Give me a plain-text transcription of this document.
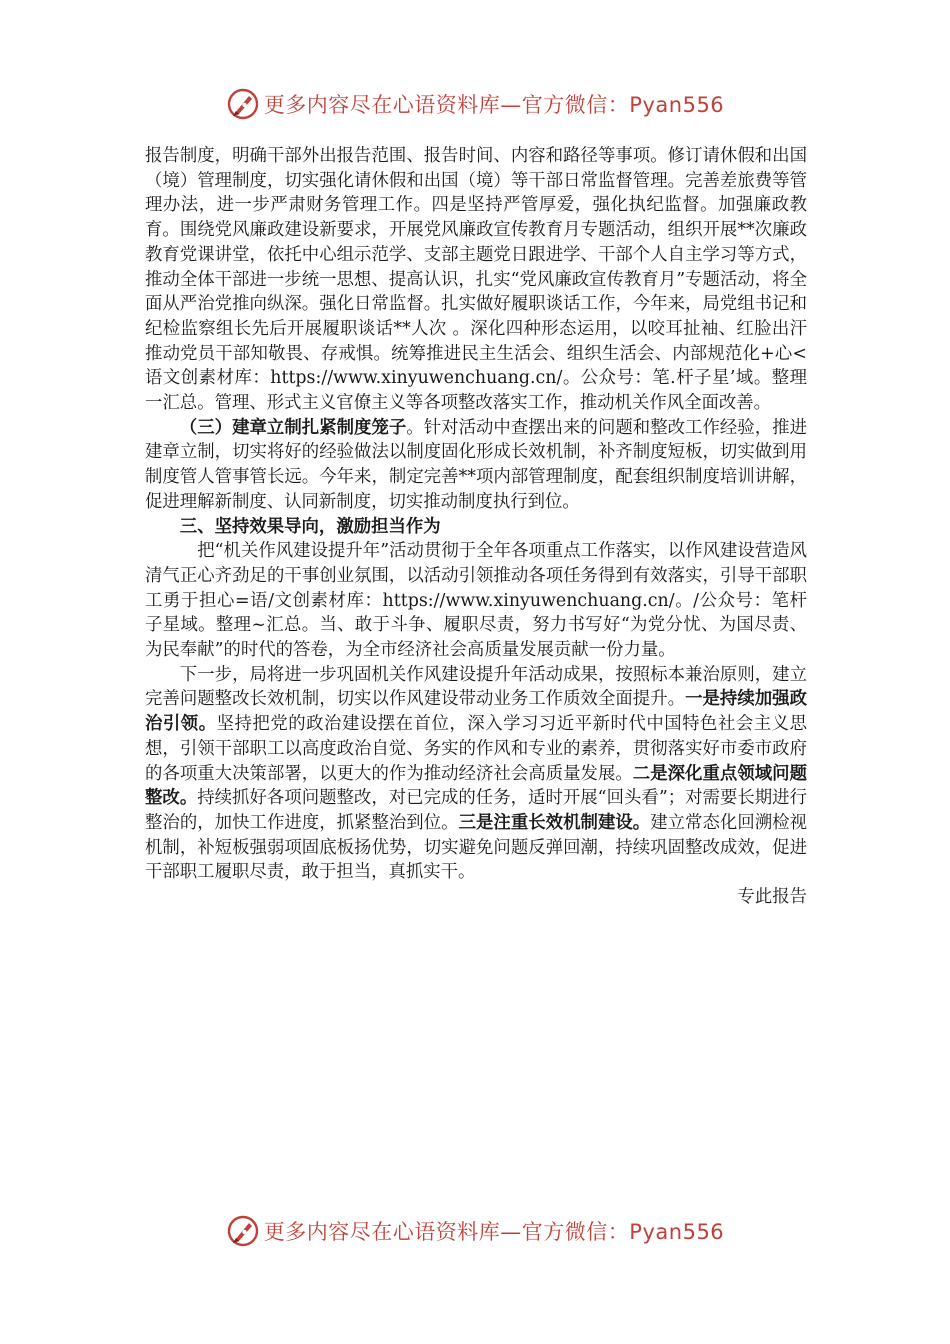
更多内容尽在心语资料库—官方微信：Pyan556

报告制度，明确干部外出报告范围、报告时间、内容和路径等事项。修订请休假和出国（境）管理制度，切实强化请休假和出国（境）等干部日常监督管理。完善差旅费等管理办法，进一步严肃财务管理工作。四是坚持严管厚爱，强化执纪监督。加强廉政教育。围绕党风廉政建设新要求，开展党风廉政宣传教育月专题活动，组织开展**次廉政教育党课讲堂，依托中心组示范学、支部主题党日跟进学、干部个人自主学习等方式，推动全体干部进一步统一思想、提高认识，扎实“党风廉政宣传教育月”专题活动，将全面从严治党推向纵深。强化日常监督。扎实做好履职谈话工作，今年来，局党组书记和纪检监察组长先后开展履职谈话**人次 。深化四种形态运用，以咬耳扯袖、红脸出汗推动党员干部知敬畏、存戒惧。统筹推进民主生活会、组织生活会、内部规范化+心<语文创素材库：https://www.xinyuwenchuang.cn/。公众号：笔.杆子星’域。整理一汇总。管理、形式主义官僚主义等各项整改落实工作，推动机关作风全面改善。

（三）建章立制扎紧制度笼子。针对活动中查摆出来的问题和整改工作经验，推进建章立制，切实将好的经验做法以制度固化形成长效机制，补齐制度短板，切实做到用制度管人管事管长远。今年来，制定完善**项内部管理制度，配套组织制度培训讲解，促进理解新制度、认同新制度，切实推动制度执行到位。

三、坚持效果导向，激励担当作为

把“机关作风建设提升年”活动贯彻于全年各项重点工作落实，以作风建设营造风清气正心齐劲足的干事创业氛围，以活动引领推动各项任务得到有效落实，引导干部职工勇于担心=语/文创素材库：https://www.xinyuwenchuang.cn/。/公众号：笔杆子星域。整理~汇总。当、敢于斗争、履职尽责，努力书写好“为党分忧、为国尽责、为民奉献”的时代的答卷，为全市经济社会高质量发展贡献一份力量。

下一步，局将进一步巩固机关作风建设提升年活动成果，按照标本兼治原则，建立完善问题整改长效机制，切实以作风建设带动业务工作质效全面提升。一是持续加强政治引领。坚持把党的政治建设摆在首位，深入学习习近平新时代中国特色社会主义思想，引领干部职工以高度政治自觉、务实的作风和专业的素养，贯彻落实好市委市政府的各项重大决策部署，以更大的作为推动经济社会高质量发展。二是深化重点领域问题整改。持续抓好各项问题整改，对已完成的任务，适时开展“回头看”；对需要长期进行整治的，加快工作进度，抓紧整治到位。三是注重长效机制建设。建立常态化回溯检视机制，补短板强弱项固底板扬优势，切实避免问题反弹回潮，持续巩固整改成效，促进干部职工履职尽责，敢于担当，真抓实干。

专此报告

更多内容尽在心语资料库—官方微信：Pyan556
